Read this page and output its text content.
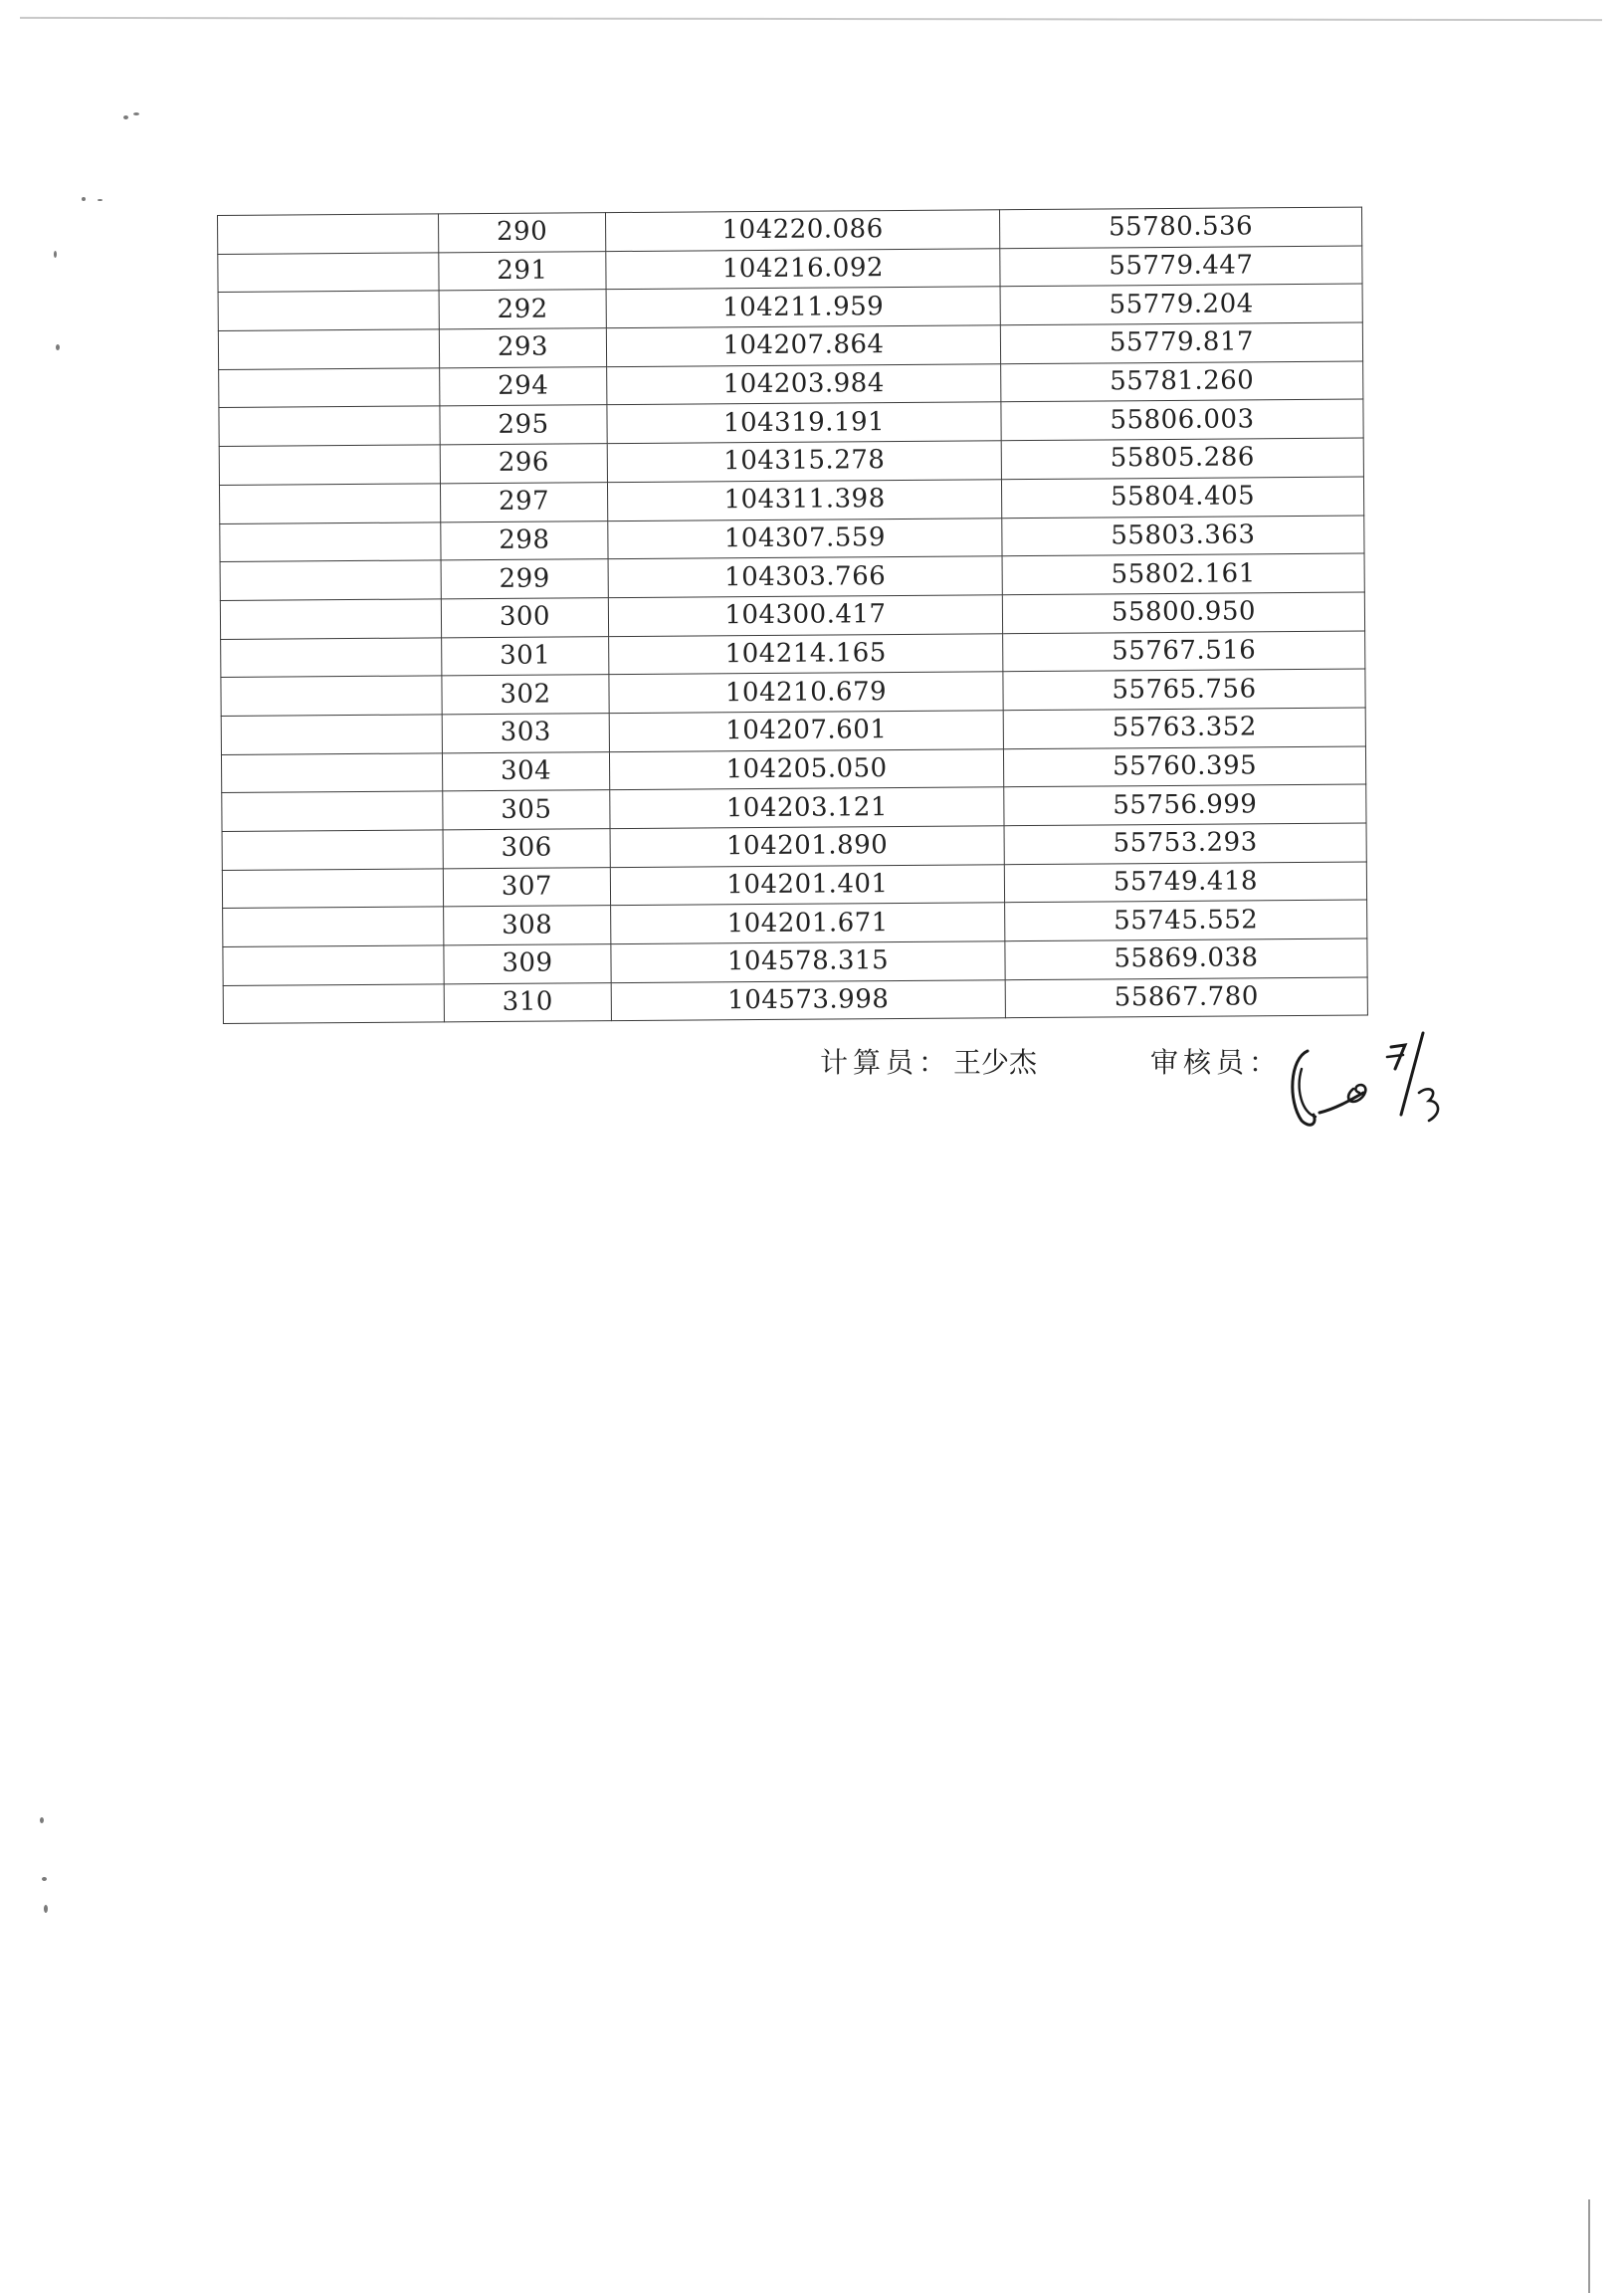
	290	104220.086	55780.536
	291	104216.092	55779.447
	292	104211.959	55779.204
	293	104207.864	55779.817
	294	104203.984	55781.260
	295	104319.191	55806.003
	296	104315.278	55805.286
	297	104311.398	55804.405
	298	104307.559	55803.363
	299	104303.766	55802.161
	300	104300.417	55800.950
	301	104214.165	55767.516
	302	104210.679	55765.756
	303	104207.601	55763.352
	304	104205.050	55760.395
	305	104203.121	55756.999
	306	104201.890	55753.293
	307	104201.401	55749.418
	308	104201.671	55745.552
	309	104578.315	55869.038
	310	104573.998	55867.780
计算员： 王少杰	审核员：
